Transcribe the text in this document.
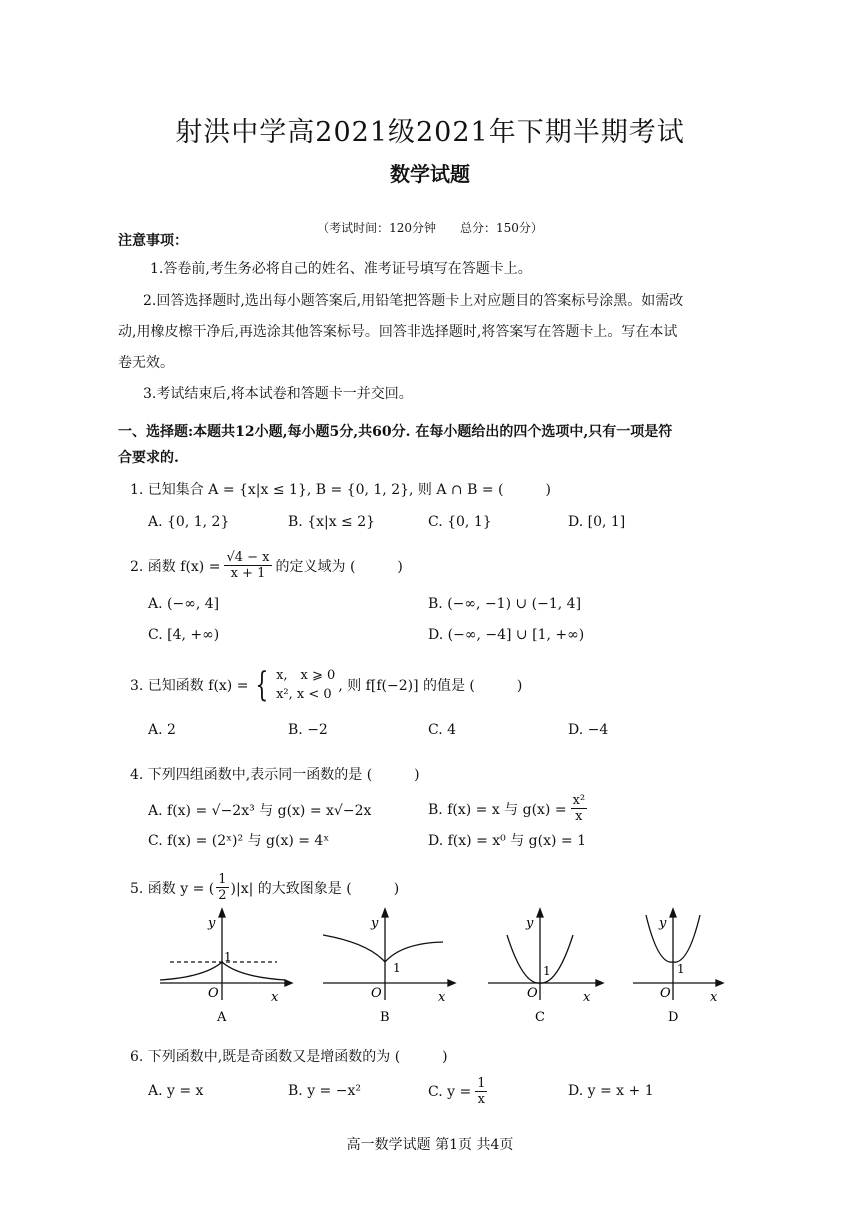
射洪中学高2021级2021年下期半期考试
数学试题
（考试时间：120分钟　　总分：150分）
注意事项：
1.答卷前,考生务必将自己的姓名、准考证号填写在答题卡上。
2.回答选择题时,选出每小题答案后,用铅笔把答题卡上对应题目的答案标号涂黑。如需改
动,用橡皮檫干净后,再选涂其他答案标号。回答非选择题时,将答案写在答题卡上。写在本试
卷无效。
3.考试结束后,将本试卷和答题卡一并交回。
一、选择题:本题共12小题,每小题5分,共60分. 在每小题给出的四个选项中,只有一项是符
合要求的.
1. 已知集合 A = {x|x ≤ 1}, B = {0, 1, 2}, 则 A ∩ B = (　　　)
A. {0, 1, 2}	B. {x|x ≤ 2}	C. {0, 1}	D. [0, 1]
2. 函数 $f(x) = \frac{√4 - x}{x + 1}$ 的定义域为 (　　　)
A. (−∞, 4]	B. (−∞, −1) ∪ (−1, 4]
C. [4, +∞)	D. (−∞, −4] ∪ [1, +∞)
3. 已知函数 f(x) = { x,　x ⩾ 0
x², x < 0
, 则 f[f(−2)] 的值是 (　　　)
A. 2	B. −2	C. 4	D. −4
4. 下列四组函数中,表示同一函数的是 (　　　)
A. f(x) = √−2x³ 与 g(x) = x√−2x	B. f(x) = x 与 $g(x) = \frac{\text{x²}}{x}$
C. f(x) = (2ˣ)² 与 g(x) = 4ˣ	D. f(x) = x⁰ 与 g(x) = 1
5. 函数 y = ( $\frac{1}{2} )|x|$ 的大致图象是 (　　　)
y
1
O	x
A
y
1
O	x
B
y
1
O	x
C
y
1
O	x
D
6. 下列函数中,既是奇函数又是增函数的为 (　　　)
A. y = x	B. y = −x²	C. $y = \frac{1}{x}$	D. y = x + 1
高一数学试题 第1页 共4页
